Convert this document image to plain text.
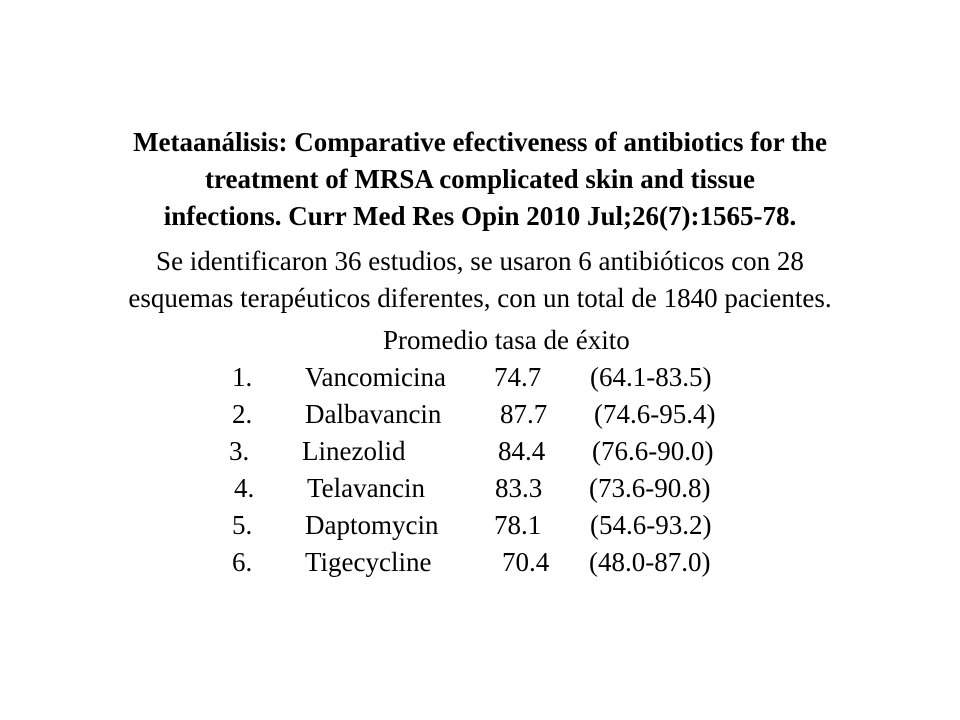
Metaanálisis: Comparative efectiveness of antibiotics for the
treatment of MRSA complicated skin and tissue
infections. Curr Med Res Opin 2010 Jul;26(7):1565-78.
Se identificaron 36 estudios, se usaron 6 antibióticos con 28
esquemas terapéuticos diferentes, con un total de 1840 pacientes.
Promedio tasa de éxito
1. Vancomicina 74.7 (64.1-83.5)
2. Dalbavancin 87.7 (74.6-95.4)
3. Linezolid	84.4 (76.6-90.0)
4. Telavancin	83.3 (73.6-90.8)
5. Daptomycin 78.1 (54.6-93.2)
6. Tigecycline	70.4 (48.0-87.0)
